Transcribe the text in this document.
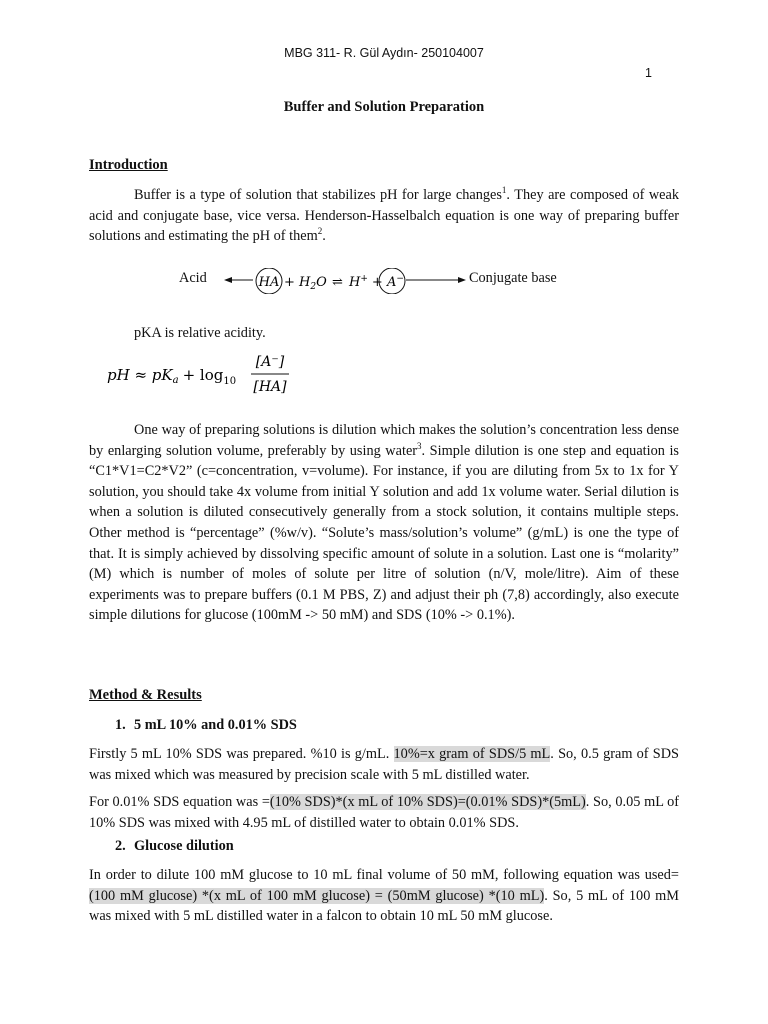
MBG 311- R. Gül Aydın- 250104007
1
Buffer and Solution Preparation
Introduction

Buffer is a type of solution that stabilizes pH for large changes$^1$. They are composed of weak acid and conjugate base, vice versa. Henderson-Hasselbalch equation is one way of preparing buffer solutions and estimating the pH of them$^2$.

HA + $H_2O$ ⇌ H+ + A−
Acid	Conjugate base
pKA is relative acidity.
pH ≈ $pK_a + \log_{10}$
[A⁻]
[HA]

One way of preparing solutions is dilution which makes the solution’s concentration less dense by enlarging solution volume, preferably by using water$^3$. Simple dilution is one step and equation is “C1*V1=C2*V2” (c=concentration, v=volume). For instance, if you are diluting from 5x to 1x for Y solution, you should take 4x volume from initial Y solution and add 1x volume water. Serial dilution is when a solution is diluted consecutively generally from a stock solution, it contains multiple steps. Other method is “percentage” (%w/v). “Solute’s mass/solution’s volume” (g/mL) is one the type of that. It is simply achieved by dissolving specific amount of solute in a solution. Last one is “molarity” (M) which is number of moles of solute per litre of solution (n/V, mole/litre). Aim of these experiments was to prepare buffers (0.1 M PBS, Z) and adjust their ph (7,8) accordingly, also execute simple dilutions for glucose (100mM -> 50 mM) and SDS (10% -> 0.1%).

Method & Results
1. 5 mL 10% and 0.01% SDS

Firstly 5 mL 10% SDS was prepared. %10 is g/mL. 10%=x gram of SDS/5 mL. So, 0.5 gram of SDS was mixed which was measured by precision scale with 5 mL distilled water.

For 0.01% SDS equation was =(10% SDS)*(x mL of 10% SDS)=(0.01% SDS)*(5mL). So, 0.05 mL of 10% SDS was mixed with 4.95 mL of distilled water to obtain 0.01% SDS.

2. Glucose dilution

In order to dilute 100 mM glucose to 10 mL final volume of 50 mM, following equation was used= (100 mM glucose) *(x mL of 100 mM glucose) = (50mM glucose) *(10 mL). So, 5 mL of 100 mM was mixed with 5 mL distilled water in a falcon to obtain 10 mL 50 mM glucose.
